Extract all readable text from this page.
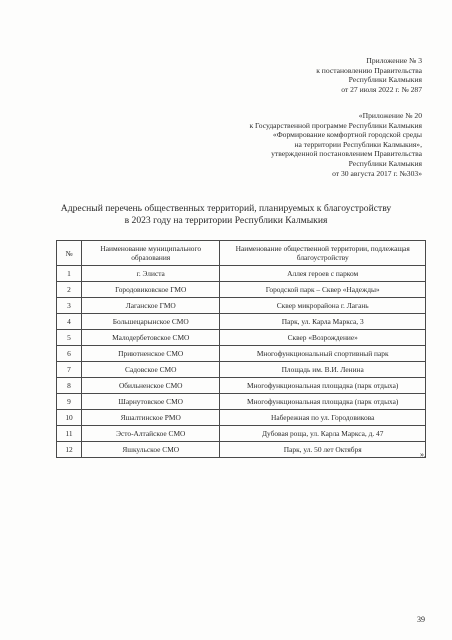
Приложение № 3
к постановлению Правительства
Республики Калмыкия
от 27 июля 2022 г. № 287
«Приложение № 20
к Государственной программе Республики Калмыкия
«Формирование комфортной городской среды
на территории Республики Калмыкия»,
утвержденной постановлением Правительства
Республики Калмыкия
от 30 августа 2017 г. №303»
Адресный перечень общественных территорий, планируемых к благоустройству
в 2023 году на территории Республики Калмыкия
№	Наименование муниципального образования	Наименование общественной территории, подлежащая благоустройству
1	г. Элиста	Аллея героев с парком
2	Городовиковское ГМО	Городской парк – Сквер «Надежды»
3	Лаганское ГМО	Сквер микрорайона г. Лагань
4	Большецарынское СМО	Парк, ул. Карла Маркса, 3
5	Малодербетовское СМО	Сквер «Возрождение»
6	Приютненское СМО	Многофункциональный спортивный парк
7	Садовское СМО	Площадь им. В.И. Ленина
8	Обильненское СМО	Многофункциональная площадка (парк отдыха)
9	Шарнутовское СМО	Многофункциональная площадка (парк отдыха)
10	Яшалтинское РМО	Набережная по ул. Городовикова
11	Эсто-Алтайское СМО	Дубовая роща, ул. Карла Маркса, д. 47
12	Яшкульское СМО	Парк, ул. 50 лет Октября
».
39
